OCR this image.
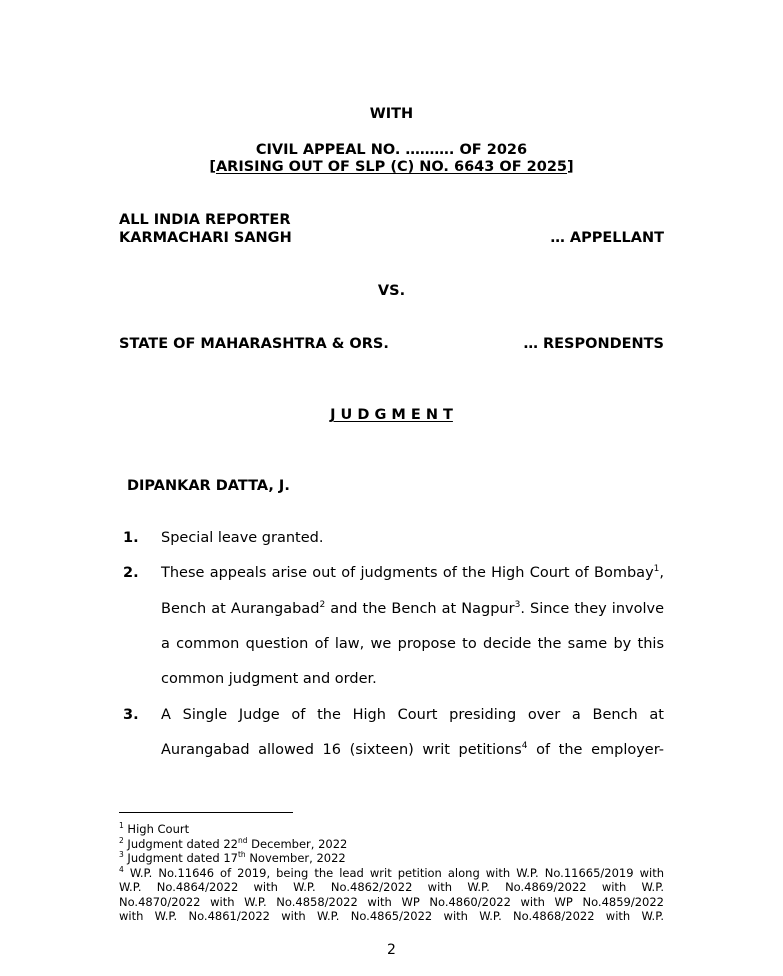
WITH
CIVIL APPEAL NO. ………. OF 2026
[ARISING OUT OF SLP (C) NO. 6643 OF 2025]
ALL INDIA REPORTER
KARMACHARI SANGH	… APPELLANT
VS.
STATE OF MAHARASHTRA & ORS.	… RESPONDENTS
J U D G M E N T
DIPANKAR DATTA, J.
1. Special leave granted.
2. These appeals arise out of judgments of the High Court of Bombay$^1$,
Bench at Aurangabad$^2$ and the Bench at Nagpur$^3$. Since they involve
a common question of law, we propose to decide the same by this
common judgment and order.
3. A Single Judge of the High Court presiding over a Bench at
Aurangabad allowed 16 (sixteen) writ petitions$^4$ of the employer-
$^1$ High Court
$^2$ Judgment dated 22nd December, 2022
$^3$ Judgment dated 17th November, 2022
$^4$ W.P. No.11646 of 2019, being the lead writ petition along with W.P. No.11665/2019 with
W.P. No.4864/2022 with W.P. No.4862/2022 with W.P. No.4869/2022 with W.P.
No.4870/2022 with W.P. No.4858/2022 with WP No.4860/2022 with WP No.4859/2022
with W.P. No.4861/2022 with W.P. No.4865/2022 with W.P. No.4868/2022 with W.P.
2
